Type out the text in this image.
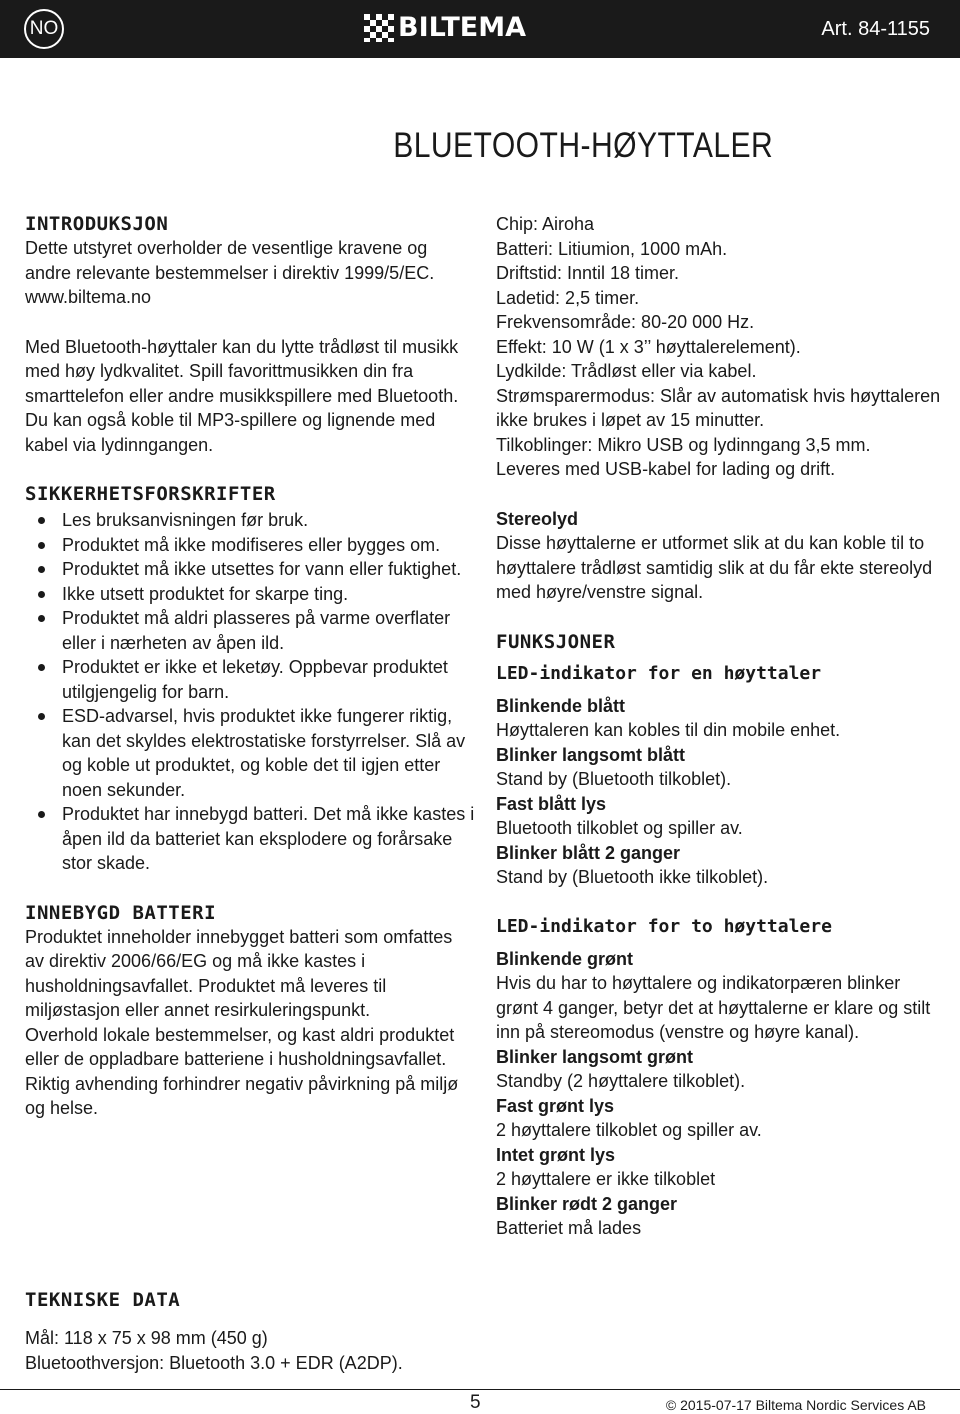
NO	BILTEMA	Art. 84-1155
BLUETOOTH-HØYTTALER
INTRODUKSJON

Dette utstyret overholder de vesentlige kravene og andre relevante bestemmelser i direktiv 1999/5/EC.

www.biltema.no

Med Bluetooth-høyttaler kan du lytte trådløst til musikk med høy lydkvalitet. Spill favorittmusikken din fra smarttelefon eller andre musikkspillere med Bluetooth. Du kan også koble til MP3-spillere og lignende med kabel via lydinngangen.

SIKKERHETSFORSKRIFTER
Les bruksanvisningen før bruk.
Produktet må ikke modifiseres eller bygges om.
Produktet må ikke utsettes for vann eller fuktighet.
Ikke utsett produktet for skarpe ting.
Produktet må aldri plasseres på varme overflater eller i nærheten av åpen ild.
Produktet er ikke et leketøy. Oppbevar produktet utilgjengelig for barn.
ESD-advarsel, hvis produktet ikke fungerer riktig, kan det skyldes elektrostatiske forstyrrelser. Slå av og koble ut produktet, og koble det til igjen etter noen sekunder.
Produktet har innebygd batteri. Det må ikke kastes i åpen ild da batteriet kan eksplodere og forårsake stor skade.
INNEBYGD BATTERI

Produktet inneholder innebygget batteri som omfattes av direktiv 2006/66/EG og må ikke kastes i husholdningsavfallet. Produktet må leveres til miljøstasjon eller annet resirkuleringspunkt.

Overhold lokale bestemmelser, og kast aldri produktet eller de oppladbare batteriene i husholdningsavfallet. Riktig avhending forhindrer negativ påvirkning på miljø og helse.

TEKNISKE DATA

Mål: 118 x 75 x 98 mm (450 g)

Bluetoothversjon: Bluetooth 3.0 + EDR (A2DP).

Chip: Airoha

Batteri: Litiumion, 1000 mAh.

Driftstid: Inntil 18 timer.

Ladetid: 2,5 timer.

Frekvensområde: 80-20 000 Hz.

Effekt: 10 W (1 x 3’’ høyttalerelement).

Lydkilde: Trådløst eller via kabel.

Strømsparermodus: Slår av automatisk hvis høyttaleren ikke brukes i løpet av 15 minutter.

Tilkoblinger: Mikro USB og lydinngang 3,5 mm.

Leveres med USB-kabel for lading og drift.

Stereolyd

Disse høyttalerne er utformet slik at du kan koble til to høyttalere trådløst samtidig slik at du får ekte stereolyd med høyre/venstre signal.

FUNKSJONER
LED-indikator for en høyttaler

Blinkende blått

Høyttaleren kan kobles til din mobile enhet.

Blinker langsomt blått

Stand by (Bluetooth tilkoblet).

Fast blått lys

Bluetooth tilkoblet og spiller av.

Blinker blått 2 ganger

Stand by (Bluetooth ikke tilkoblet).

LED-indikator for to høyttalere

Blinkende grønt

Hvis du har to høyttalere og indikatorpæren blinker grønt 4 ganger, betyr det at høyttalerne er klare og stilt inn på stereomodus (venstre og høyre kanal).

Blinker langsomt grønt

Standby (2 høyttalere tilkoblet).

Fast grønt lys

2 høyttalere tilkoblet og spiller av.

Intet grønt lys

2 høyttalere er ikke tilkoblet

Blinker rødt 2 ganger

Batteriet må lades

5	© 2015-07-17 Biltema Nordic Services AB
